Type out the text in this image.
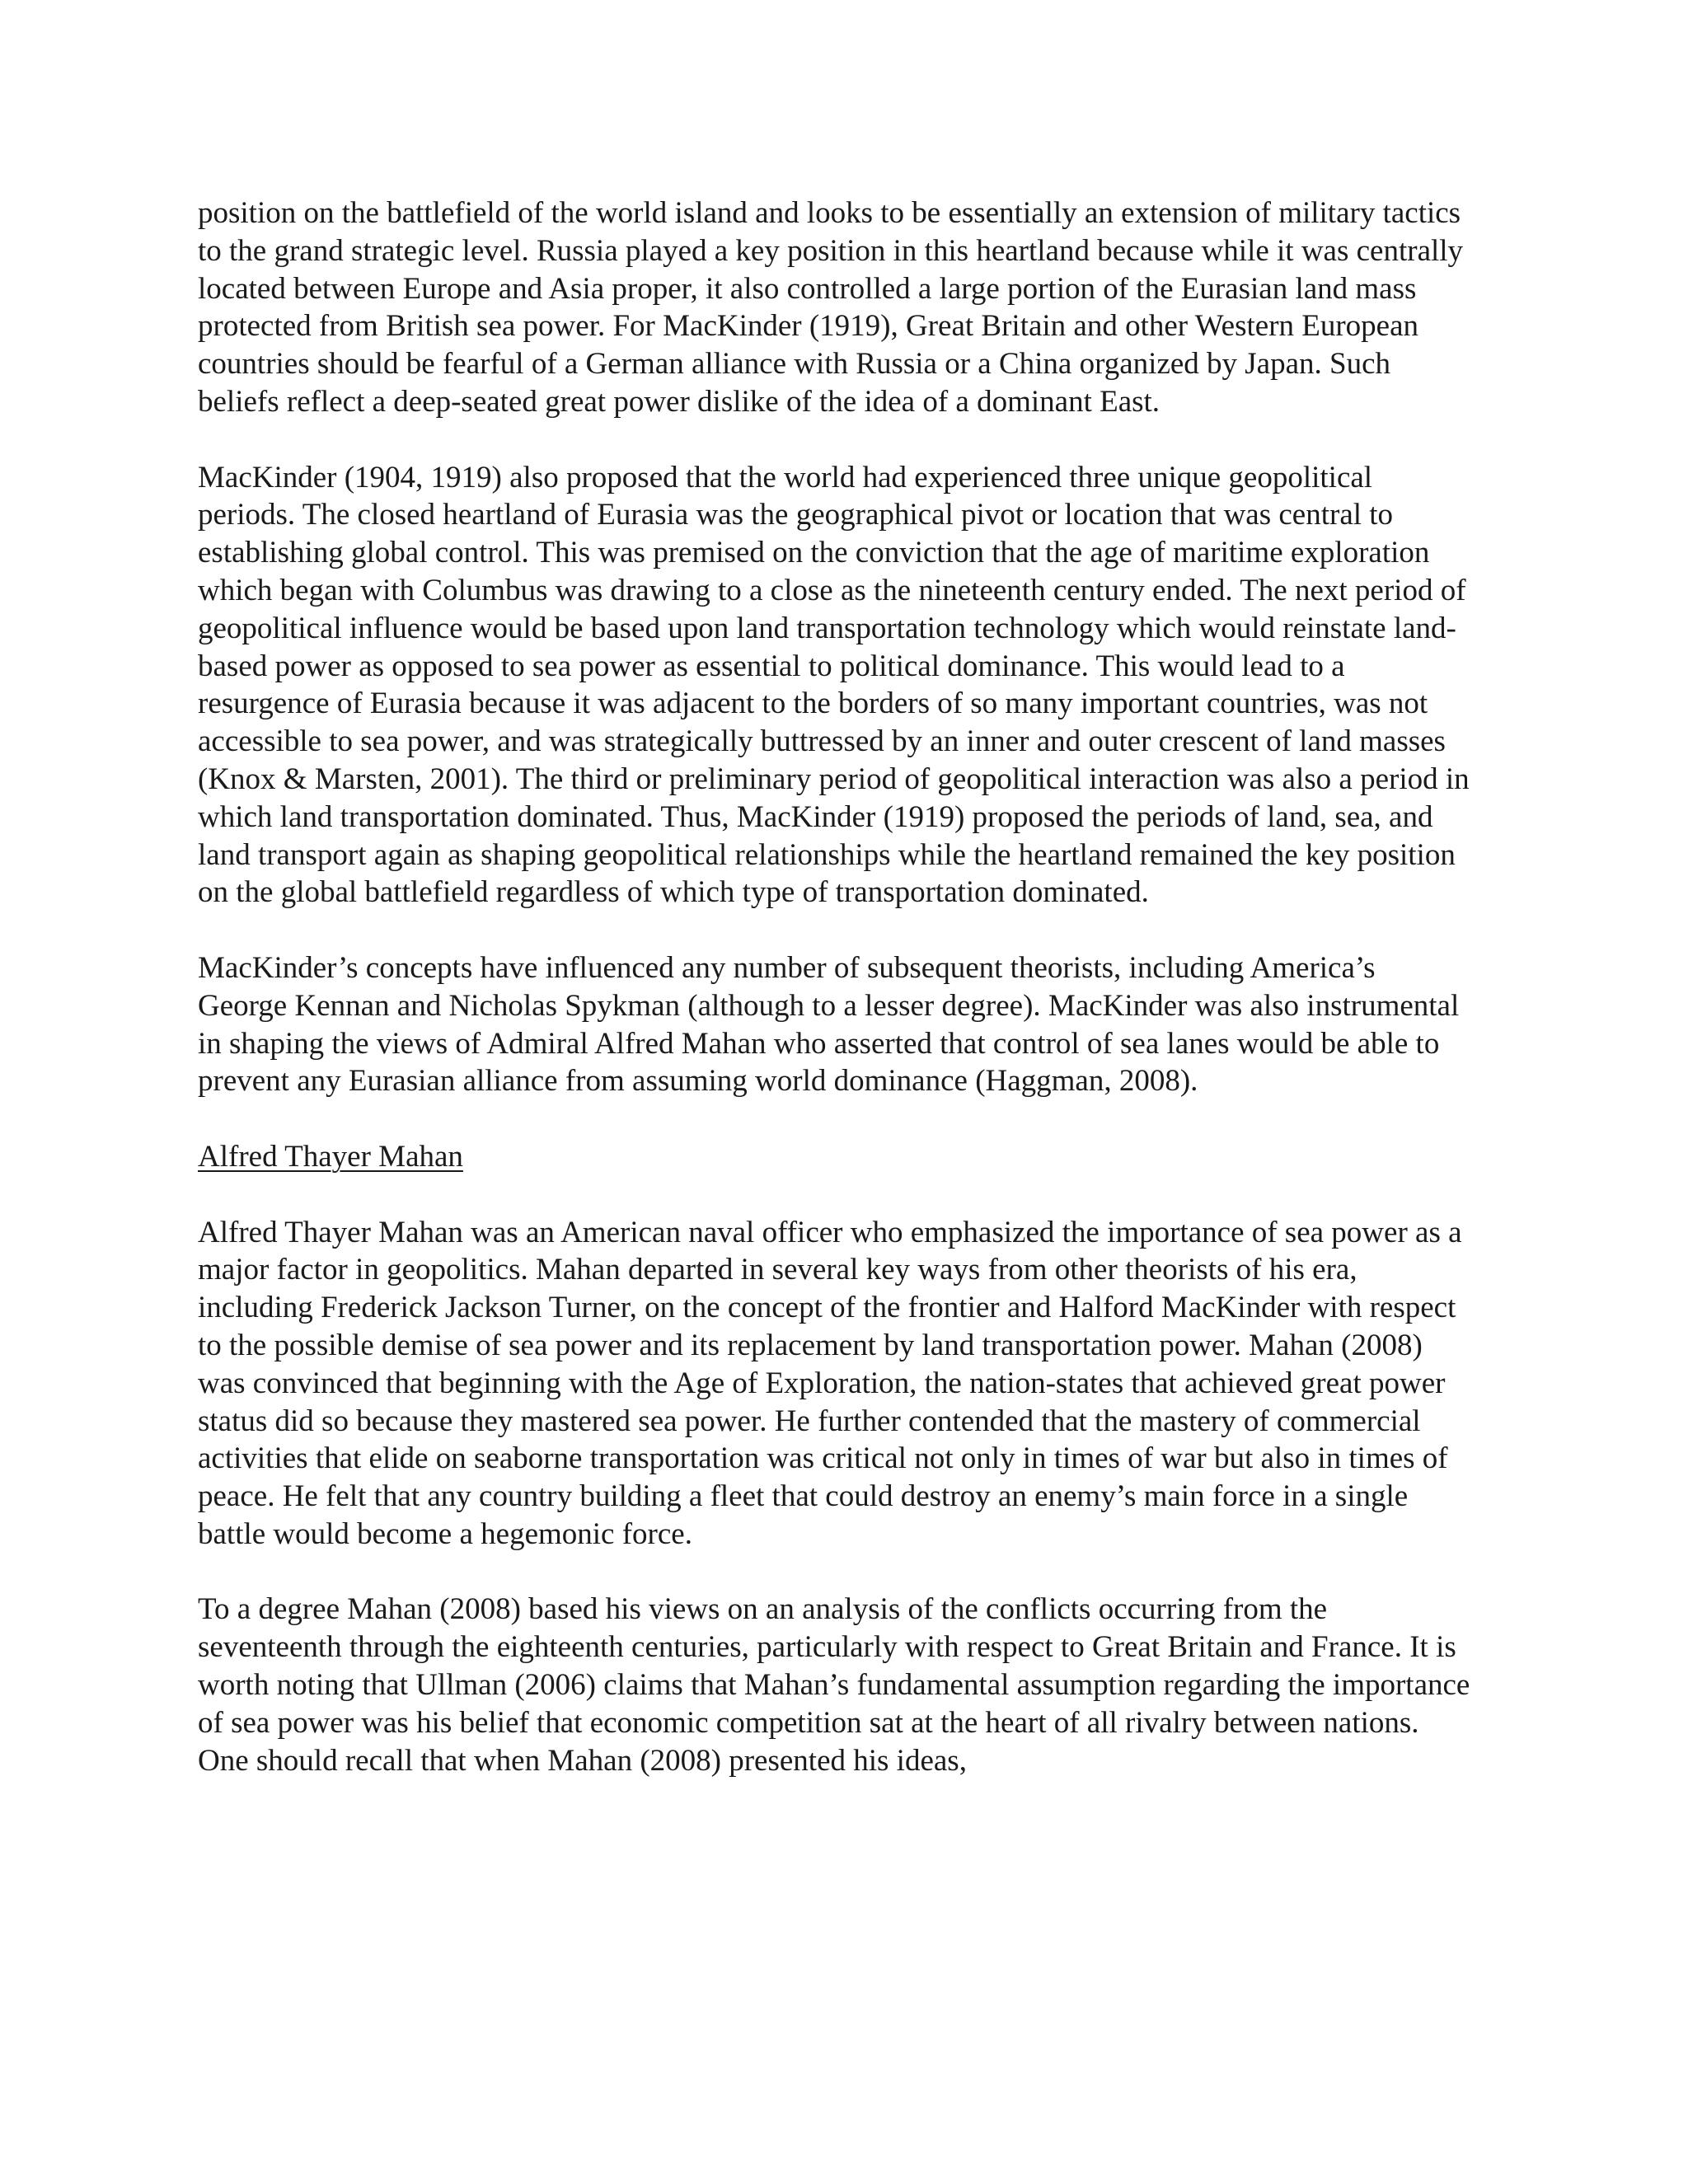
position on the battlefield of the world island and looks to be essentially an extension of military tactics to the grand strategic level. Russia played a key position in this heartland because while it was centrally located between Europe and Asia proper, it also controlled a large portion of the Eurasian land mass protected from British sea power. For MacKinder (1919), Great Britain and other Western European countries should be fearful of a German alliance with Russia or a China organized by Japan. Such beliefs reflect a deep-seated great power dislike of the idea of a dominant East.

MacKinder (1904, 1919) also proposed that the world had experienced three unique geopolitical periods. The closed heartland of Eurasia was the geographical pivot or location that was central to establishing global control. This was premised on the conviction that the age of maritime exploration which began with Columbus was drawing to a close as the nineteenth century ended. The next period of geopolitical influence would be based upon land transportation technology which would reinstate land-based power as opposed to sea power as essential to political dominance. This would lead to a resurgence of Eurasia because it was adjacent to the borders of so many important countries, was not accessible to sea power, and was strategically buttressed by an inner and outer crescent of land masses (Knox & Marsten, 2001). The third or preliminary period of geopolitical interaction was also a period in which land transportation dominated. Thus, MacKinder (1919) proposed the periods of land, sea, and land transport again as shaping geopolitical relationships while the heartland remained the key position on the global battlefield regardless of which type of transportation dominated.

MacKinder’s concepts have influenced any number of subsequent theorists, including America’s George Kennan and Nicholas Spykman (although to a lesser degree). MacKinder was also instrumental in shaping the views of Admiral Alfred Mahan who asserted that control of sea lanes would be able to prevent any Eurasian alliance from assuming world dominance (Haggman, 2008).

Alfred Thayer Mahan

Alfred Thayer Mahan was an American naval officer who emphasized the importance of sea power as a major factor in geopolitics. Mahan departed in several key ways from other theorists of his era, including Frederick Jackson Turner, on the concept of the frontier and Halford MacKinder with respect to the possible demise of sea power and its replacement by land transportation power. Mahan (2008) was convinced that beginning with the Age of Exploration, the nation-states that achieved great power status did so because they mastered sea power. He further contended that the mastery of commercial activities that elide on seaborne transportation was critical not only in times of war but also in times of peace. He felt that any country building a fleet that could destroy an enemy’s main force in a single battle would become a hegemonic force.

To a degree Mahan (2008) based his views on an analysis of the conflicts occurring from the seventeenth through the eighteenth centuries, particularly with respect to Great Britain and France. It is worth noting that Ullman (2006) claims that Mahan’s fundamental assumption regarding the importance of sea power was his belief that economic competition sat at the heart of all rivalry between nations. One should recall that when Mahan (2008) presented his ideas,
